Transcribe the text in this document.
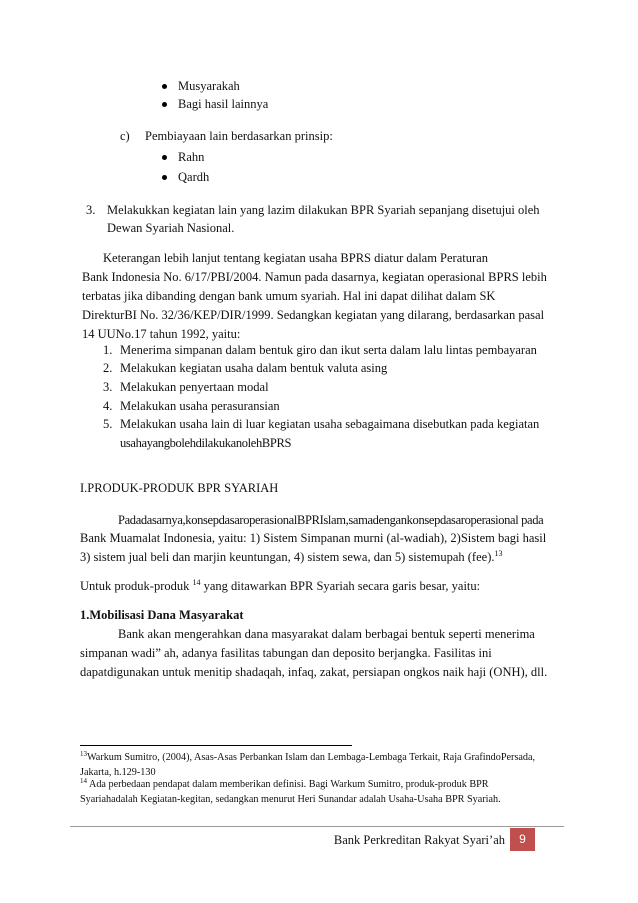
Musyarakah
Bagi hasil lainnya
c) Pembiayaan lain berdasarkan prinsip:
Rahn
Qardh
3. Melakukkan kegiatan lain yang lazim dilakukan BPR Syariah sepanjang disetujui oleh
Dewan Syariah Nasional.
Keterangan lebih lanjut tentang kegiatan usaha BPRS diatur dalam Peraturan
Bank Indonesia No. 6/17/PBI/2004. Namun pada dasarnya, kegiatan operasional BPRS lebih
terbatas jika dibanding dengan bank umum syariah. Hal ini dapat dilihat dalam SK
DirekturBI No. 32/36/KEP/DIR/1999. Sedangkan kegiatan yang dilarang, berdasarkan pasal
14 UUNo.17 tahun 1992, yaitu:
1. Menerima simpanan dalam bentuk giro dan ikut serta dalam lalu lintas pembayaran
2. Melakukan kegiatan usaha dalam bentuk valuta asing
3. Melakukan penyertaan modal
4. Melakukan usaha perasuransian
5. Melakukan usaha lain di luar kegiatan usaha sebagaimana disebutkan pada kegiatan
usahayangbolehdilakukanolehBPRS
I.PRODUK-PRODUK BPR SYARIAH
Padadasarnya,konsepdasaroperasionalBPRIslam,samadengankonsepdasaroperasional pada
Bank Muamalat Indonesia, yaitu: 1) Sistem Simpanan murni (al-wadiah), 2)Sistem bagi hasil
3) sistem jual beli dan marjin keuntungan, 4) sistem sewa, dan 5) sistemupah (fee).$^{13}$
Untuk produk-produk $^{14}$ yang ditawarkan BPR Syariah secara garis besar, yaitu:
1.Mobilisasi Dana Masyarakat
Bank akan mengerahkan dana masyarakat dalam berbagai bentuk seperti menerima
simpanan wadi” ah, adanya fasilitas tabungan dan deposito berjangka. Fasilitas ini
dapatdigunakan untuk menitip shadaqah, infaq, zakat, persiapan ongkos naik haji (ONH), dll.
$^{13}$Warkum Sumitro, (2004), Asas-Asas Perbankan Islam dan Lembaga-Lembaga Terkait, Raja GrafindoPersada,
Jakarta, h.129-130
$^{14}$ Ada perbedaan pendapat dalam memberikan definisi. Bagi Warkum Sumitro, produk-produk BPR
Syariahadalah Kegiatan-kegitan, sedangkan menurut Heri Sunandar adalah Usaha-Usaha BPR Syariah.
Bank Perkreditan Rakyat Syari’ah	9
